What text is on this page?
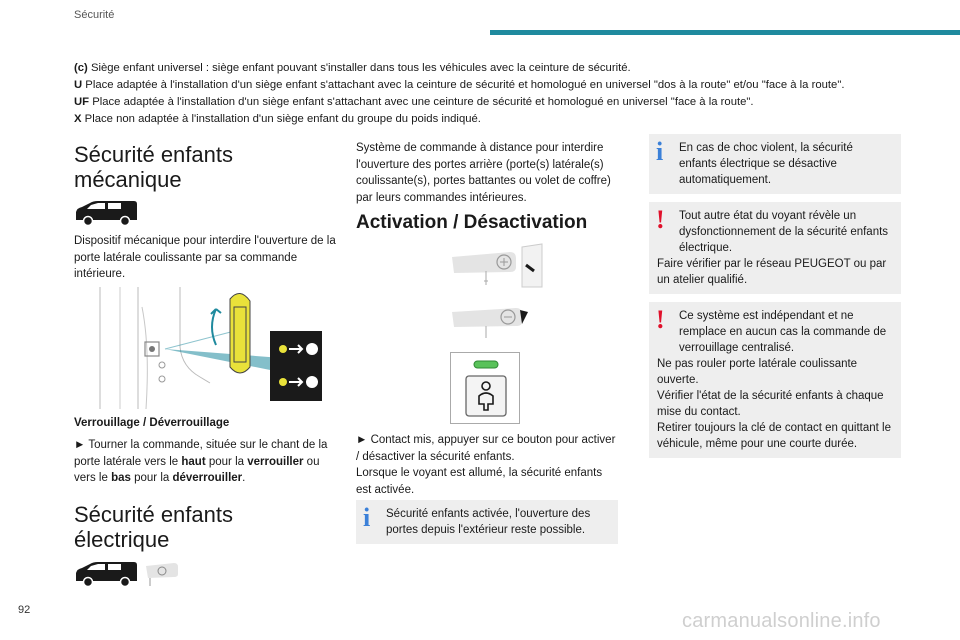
Sécurité
(c) Siège enfant universel : siège enfant pouvant s'installer dans tous les véhicules avec la ceinture de sécurité.
U Place adaptée à l'installation d'un siège enfant s'attachant avec la ceinture de sécurité et homologué en universel "dos à la route" et/ou "face à la route".
UF Place adaptée à l'installation d'un siège enfant s'attachant avec une ceinture de sécurité et homologué en universel "face à la route".
X Place non adaptée à l'installation d'un siège enfant du groupe du poids indiqué.
Sécurité enfants
mécanique
Dispositif mécanique pour interdire l'ouverture de la porte latérale coulissante par sa commande intérieure.
Verrouillage / Déverrouillage
► Tourner la commande, située sur le chant de la porte latérale vers le haut pour la verrouiller ou vers le bas pour la déverrouiller.
Sécurité enfants
électrique
Système de commande à distance pour interdire l'ouverture des portes arrière (porte(s) latérale(s) coulissante(s), portes battantes ou volet de coffre) par leurs commandes intérieures.
Activation / Désactivation
► Contact mis, appuyer sur ce bouton pour activer / désactiver la sécurité enfants.
Lorsque le voyant est allumé, la sécurité enfants est activée.
i Sécurité enfants activée, l'ouverture des
portes depuis l'extérieur reste possible.
i En cas de choc violent, la sécurité
enfants électrique se désactive automatiquement.
! Tout autre état du voyant révèle un
dysfonctionnement de la sécurité enfants électrique.
Faire vérifier par le réseau PEUGEOT ou par un atelier qualifié.
! Ce système est indépendant et ne
remplace en aucun cas la commande de verrouillage centralisé.
Ne pas rouler porte latérale coulissante ouverte.
Vérifier l'état de la sécurité enfants à chaque mise du contact.
Retirer toujours la clé de contact en quittant le véhicule, même pour une courte durée.
92	carmanualsonline.info
